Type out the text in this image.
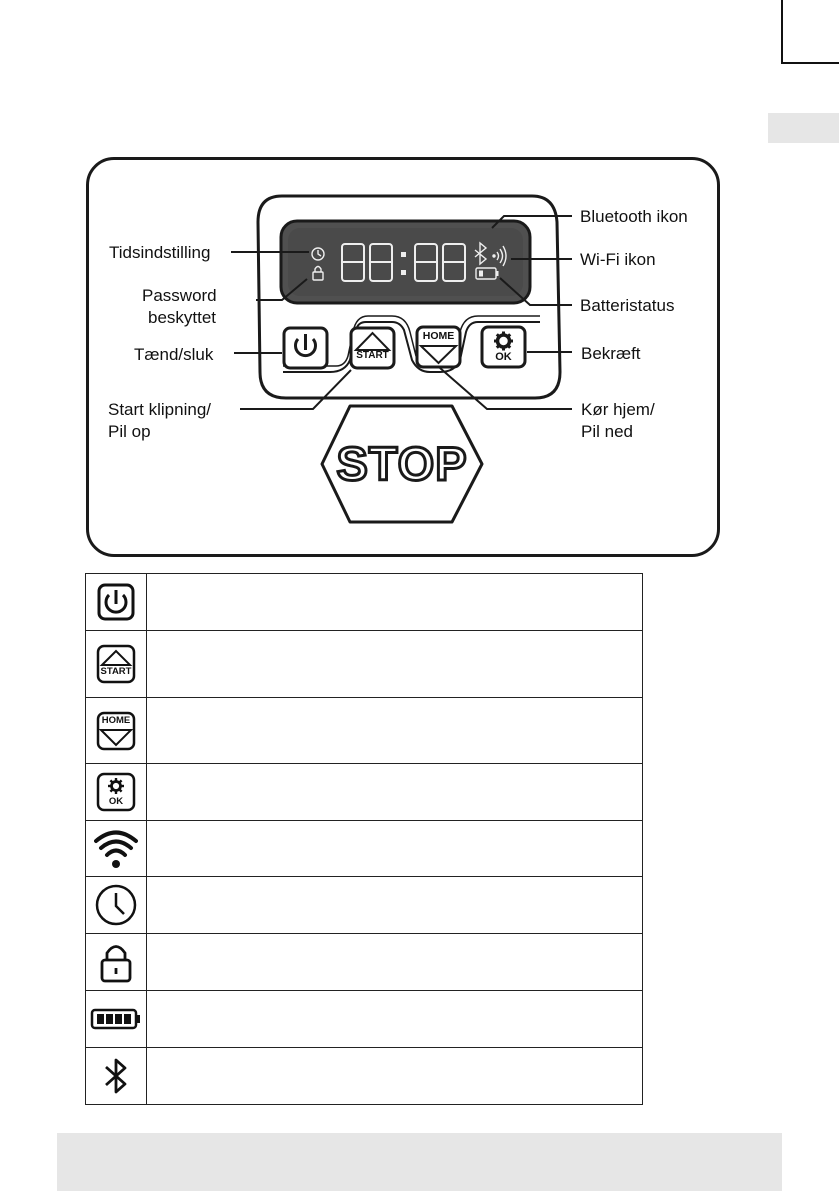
Tidsindstilling
Password
beskyttet
Tænd/sluk
Start klipning/
Pil op
Bluetooth ikon
Wi-Fi ikon
Batteristatus
Bekræft
Kør hjem/
Pil ned
START
HOME
OK
STOP

START	

HOME	

OK	
